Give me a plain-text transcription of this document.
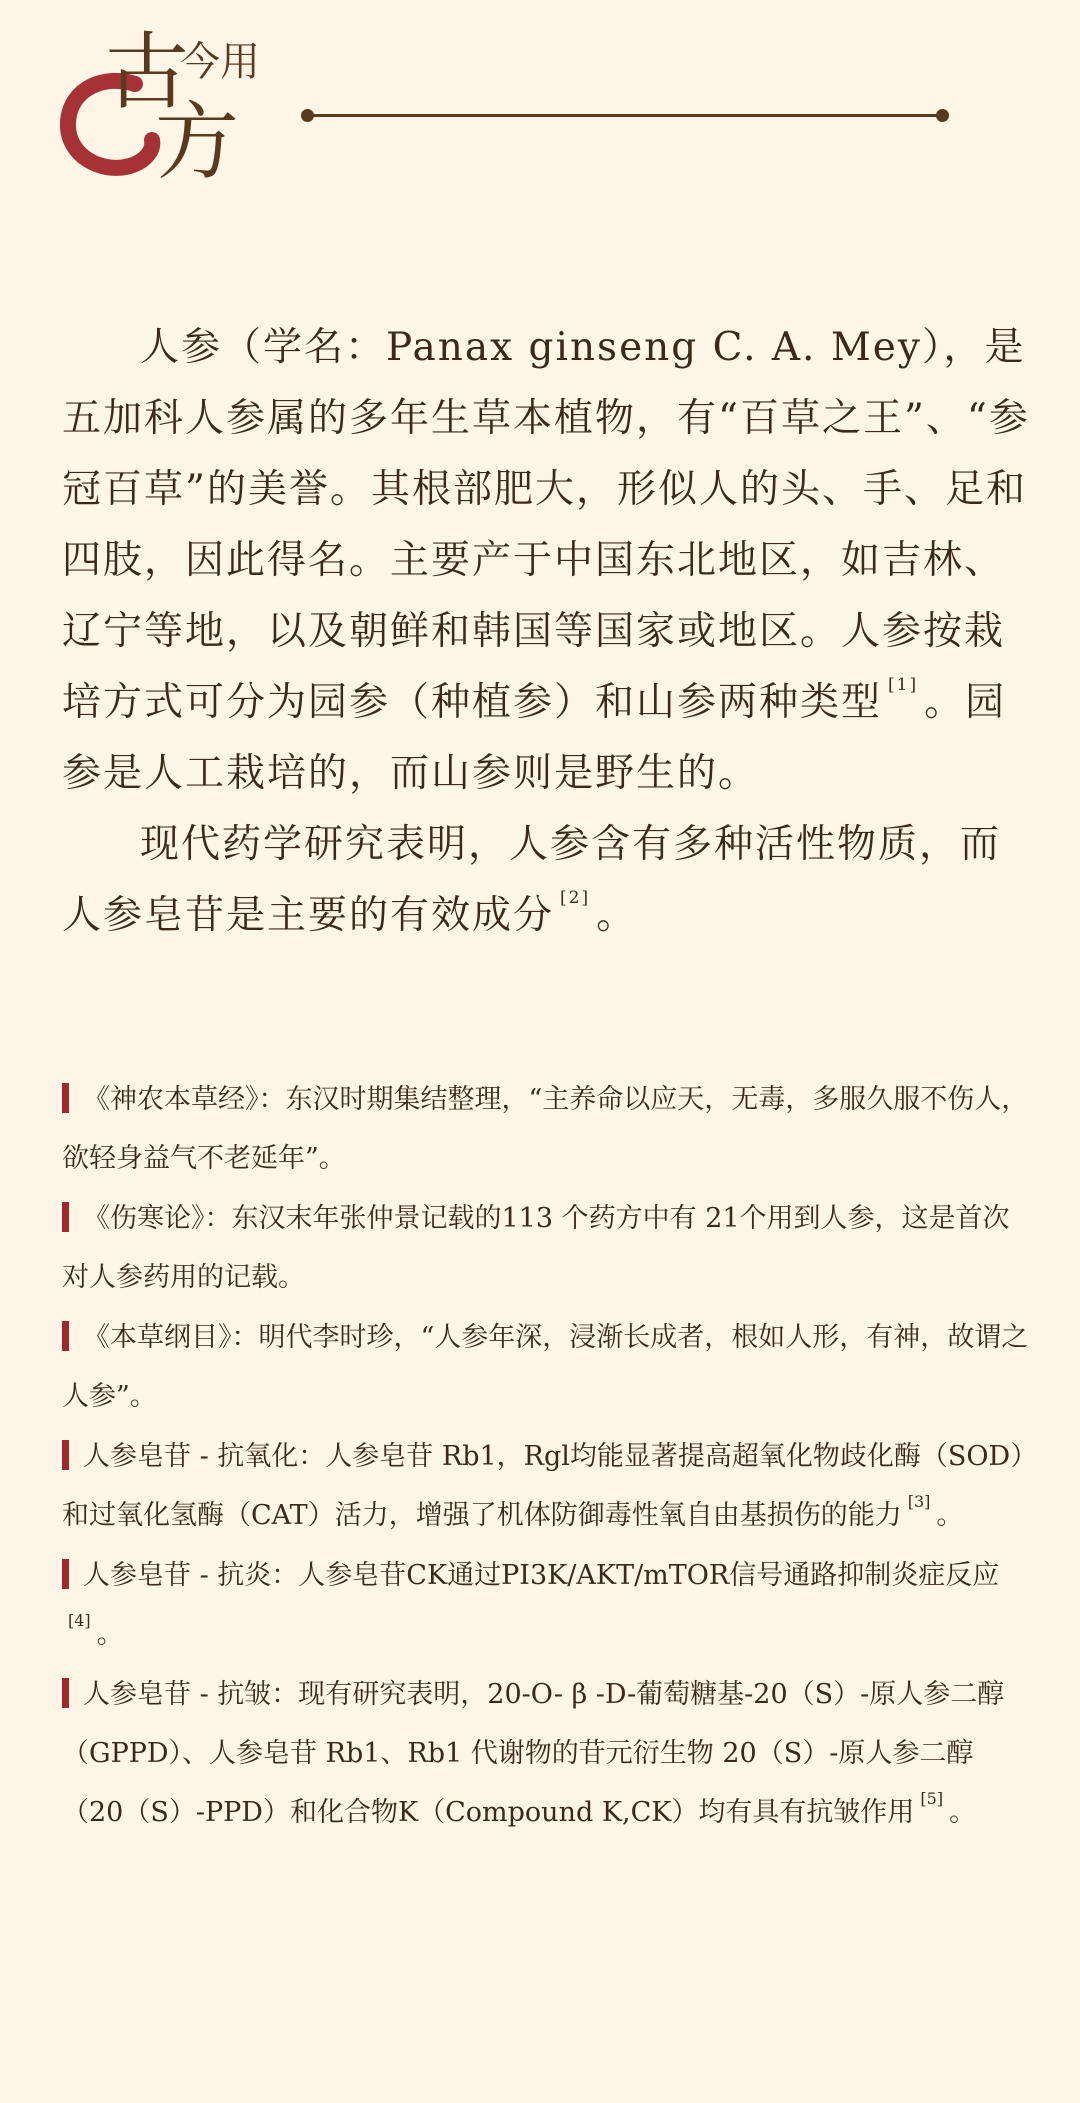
古
今用
方

人参（学名：Panax ginseng C. A. Mey），是五加科人参属的多年生草本植物，有“百草之王”、“参冠百草”的美誉。其根部肥大，形似人的头、手、足和四肢，因此得名。主要产于中国东北地区，如吉林、辽宁等地，以及朝鲜和韩国等国家或地区。人参按栽培方式可分为园参（种植参）和山参两种类型 [1] 。园参是人工栽培的，而山参则是野生的。

现代药学研究表明，人参含有多种活性物质，而人参皂苷是主要的有效成分 [2] 。

《神农本草经》：东汉时期集结整理，“主养命以应天，无毒，多服久服不伤人，欲轻身益气不老延年”。
《伤寒论》：东汉末年张仲景记载的113 个药方中有 21个用到人参，这是首次对人参药用的记载。
《本草纲目》：明代李时珍，“人参年深，浸渐长成者，根如人形，有神，故谓之人参”。
人参皂苷 - 抗氧化：人参皂苷 Rb1，Rgl均能显著提高超氧化物歧化酶（SOD）和过氧化氢酶（CAT）活力，增强了机体防御毒性氧自由基损伤的能力 [3] 。
人参皂苷 - 抗炎：人参皂苷CK通过PI3K/AKT/mTOR信号通路抑制炎症反应[4] 。
人参皂苷 - 抗皱：现有研究表明，20-O- β -D-葡萄糖基-20（S）-原人参二醇（GPPD）、人参皂苷 Rb1、Rb1 代谢物的苷元衍生物 20（S）-原人参二醇（20（S）-PPD）和化合物K（Compound K,CK）均有具有抗皱作用 [5] 。
